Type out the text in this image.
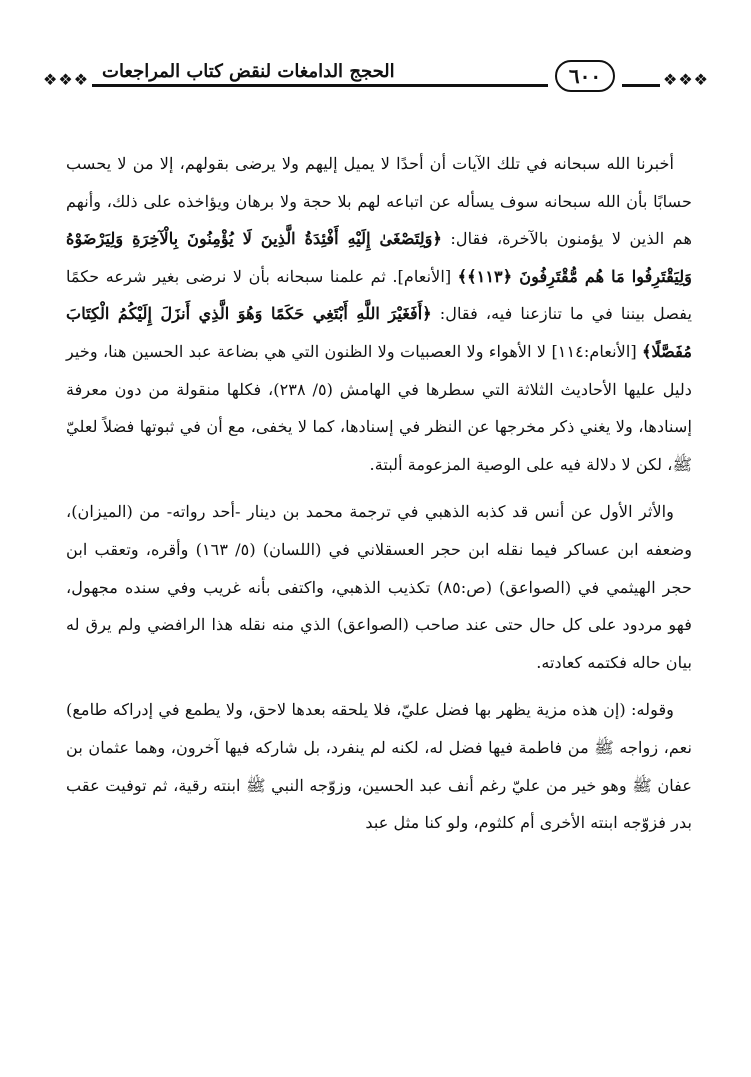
❖❖❖
٦٠٠
الحجج الدامغات لنقض كتاب المراجعات
❖❖❖

أخبرنا الله سبحانه في تلك الآيات أن أحدًا لا يميل إليهم ولا يرضى بقولهم، إلا من لا يحسب حسابًا بأن الله سبحانه سوف يسأله عن اتباعه لهم بلا حجة ولا برهان ويؤاخذه على ذلك، وأنهم هم الذين لا يؤمنون بالآخرة، فقال: ﴿وَلِتَصْغَىٰ إِلَيْهِ أَفْئِدَةُ الَّذِينَ لَا يُؤْمِنُونَ بِالْآخِرَةِ وَلِيَرْضَوْهُ وَلِيَقْتَرِفُوا مَا هُم مُّقْتَرِفُونَ ﴿١١٣﴾﴾ [الأنعام]. ثم علمنا سبحانه بأن لا نرضى بغير شرعه حكمًا يفصل بيننا في ما تنازعنا فيه، فقال: ﴿أَفَغَيْرَ اللَّهِ أَبْتَغِي حَكَمًا وَهُوَ الَّذِي أَنزَلَ إِلَيْكُمُ الْكِتَابَ مُفَصَّلًا﴾ [الأنعام:١١٤] لا الأهواء ولا العصبيات ولا الظنون التي هي بضاعة عبد الحسين هنا، وخير دليل عليها الأحاديث الثلاثة التي سطرها في الهامش (٥/ ٢٣٨)، فكلها منقولة من دون معرفة إسنادها، ولا يغني ذكر مخرجها عن النظر في إسنادها، كما لا يخفى، مع أن في ثبوتها فضلاً لعليّ ﷺ، لكن لا دلالة فيه على الوصية المزعومة ألبتة.

والأثر الأول عن أنس قد كذبه الذهبي في ترجمة محمد بن دينار -أحد رواته- من (الميزان)، وضعفه ابن عساكر فيما نقله ابن حجر العسقلاني في (اللسان) (٥/ ١٦٣) وأقره، وتعقب ابن حجر الهيثمي في (الصواعق) (ص:٨٥) تكذيب الذهبي، واكتفى بأنه غريب وفي سنده مجهول، فهو مردود على كل حال حتى عند صاحب (الصواعق) الذي منه نقله هذا الرافضي ولم يرق له بيان حاله فكتمه كعادته.

وقوله: (إن هذه مزية يظهر بها فضل عليّ، فلا يلحقه بعدها لاحق، ولا يطمع في إدراكه طامع) نعم، زواجه ﷺ من فاطمة فيها فضل له، لكنه لم ينفرد، بل شاركه فيها آخرون، وهما عثمان بن عفان ﷺ وهو خير من عليّ رغم أنف عبد الحسين، وزوّجه النبي ﷺ ابنته رقية، ثم توفيت عقب بدر فزوّجه ابنته الأخرى أم كلثوم، ولو كنا مثل عبد
